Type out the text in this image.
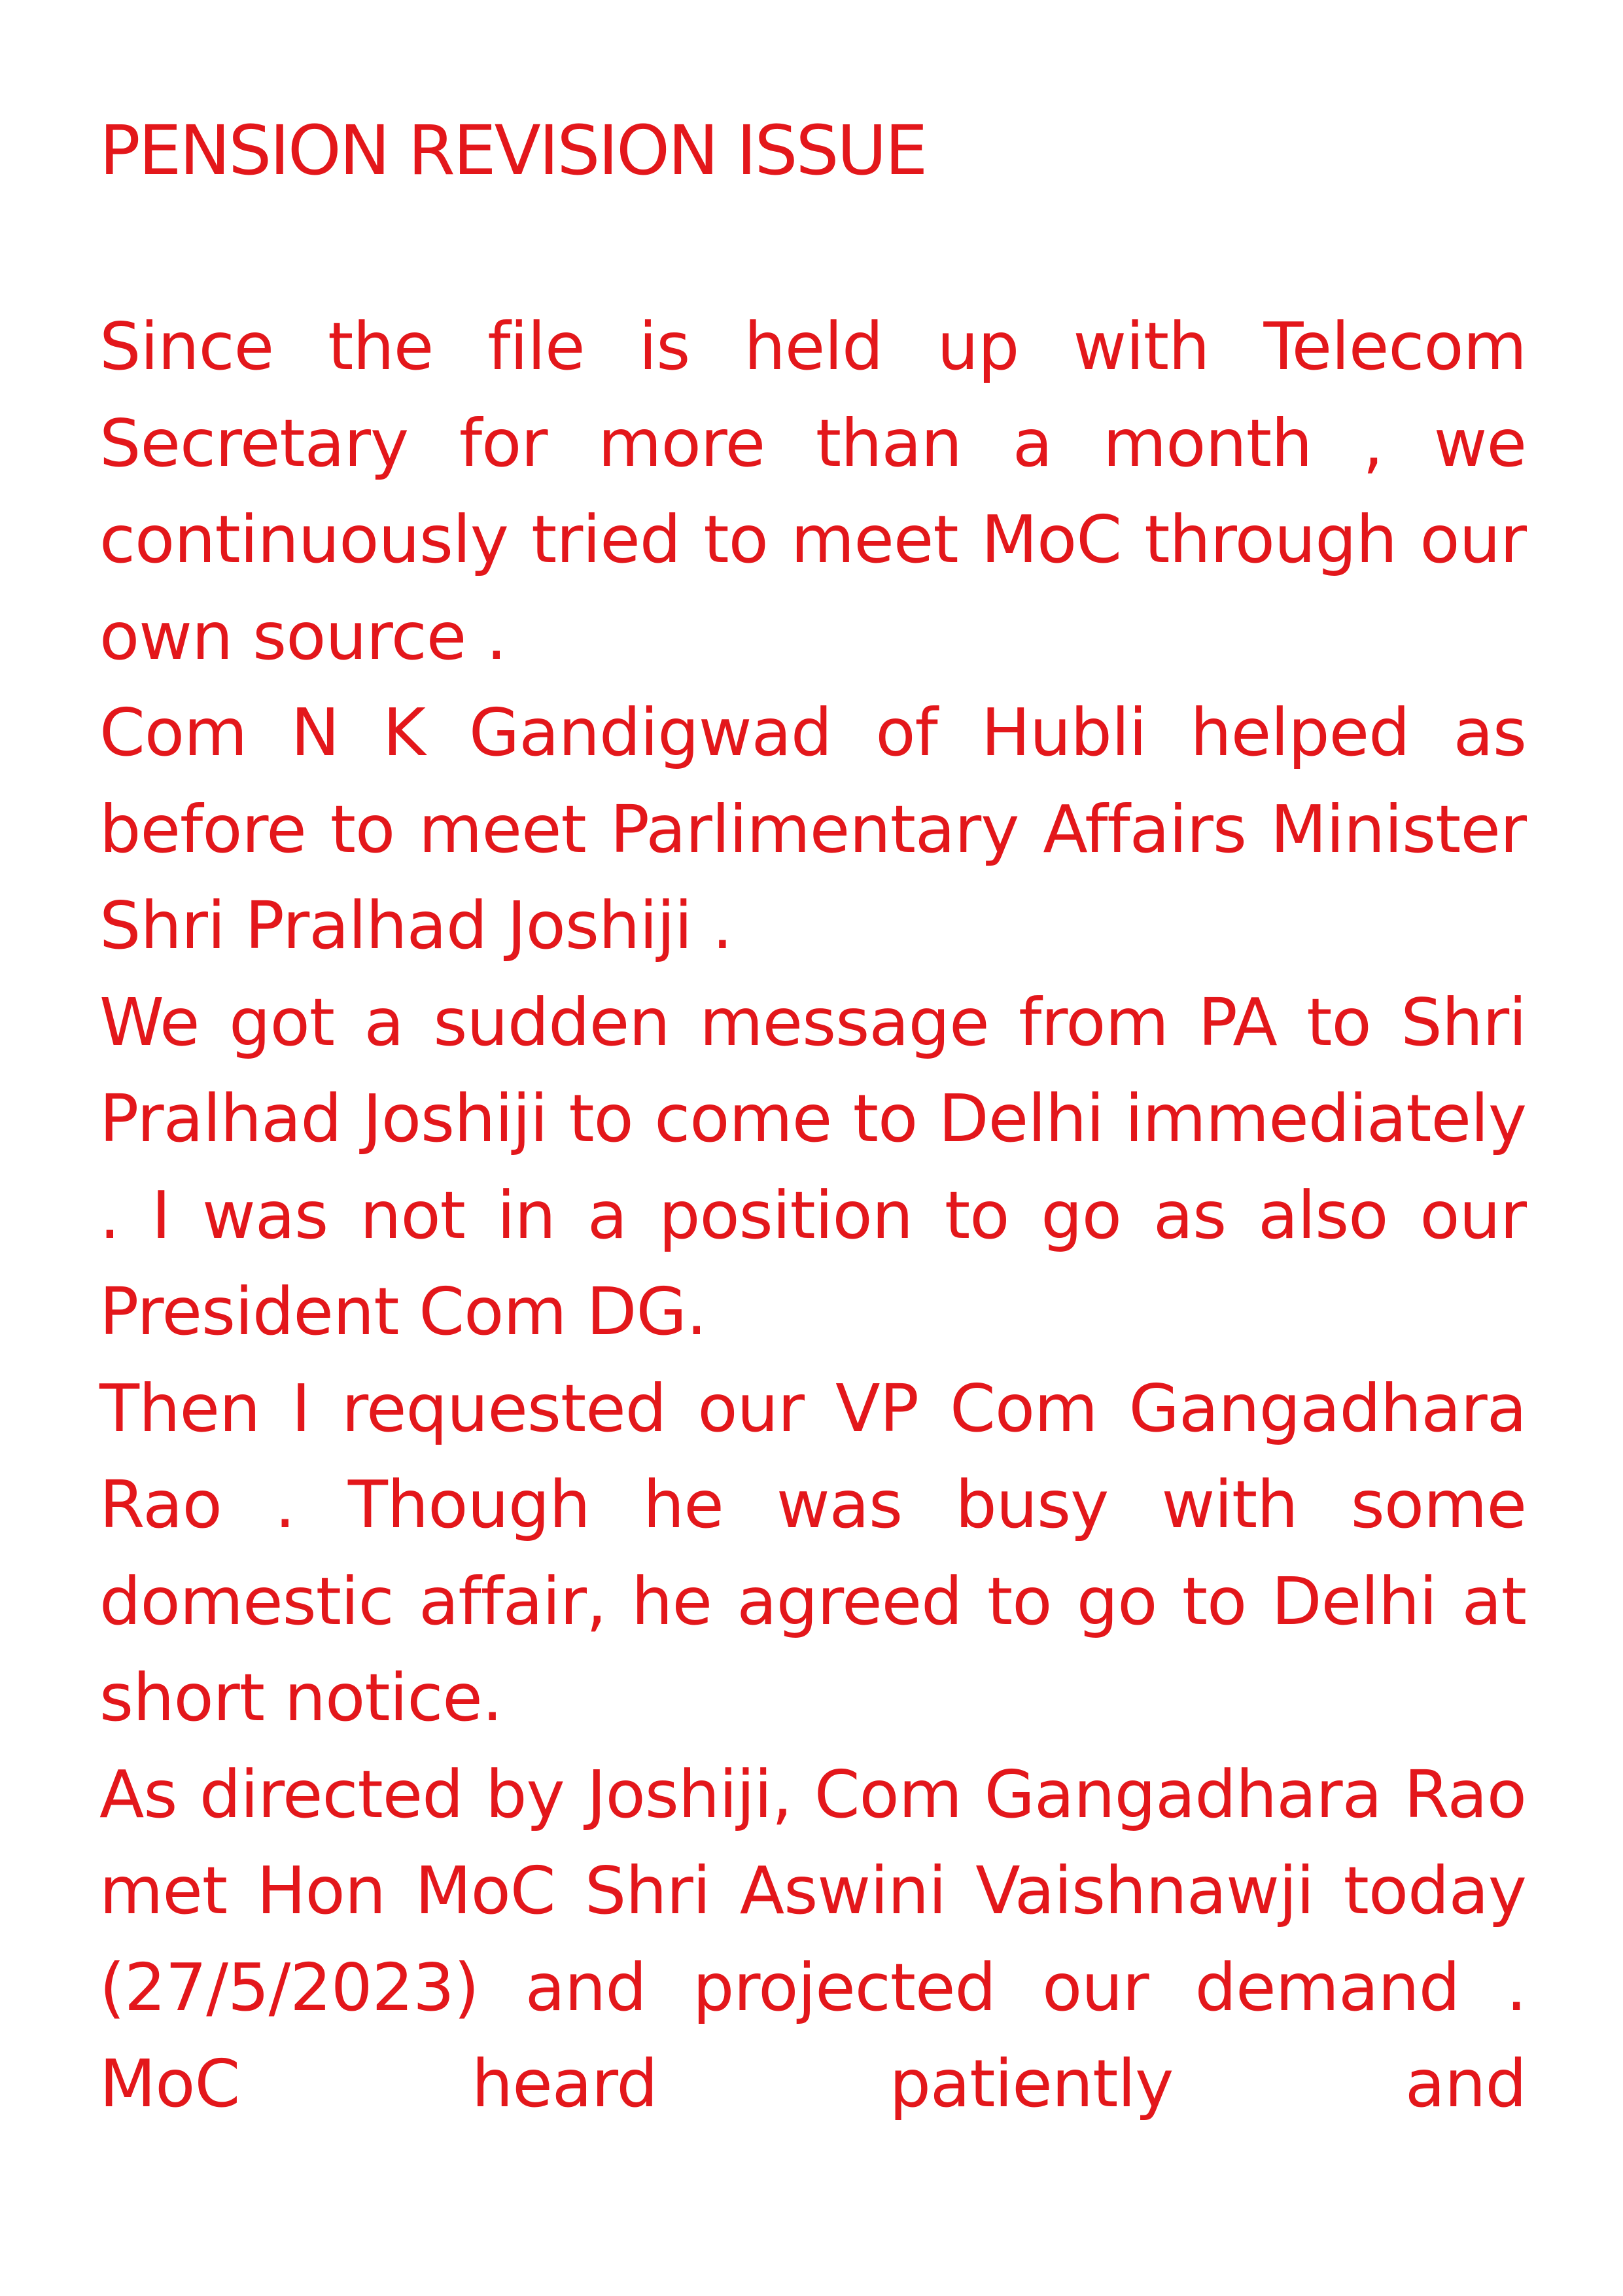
PENSION REVISION ISSUE

Since the file is held up with Telecom Secretary for more than a month , we continuously tried to meet MoC through our own source .

Com N K Gandigwad of Hubli helped as before to meet Parlimentary Affairs Minister Shri Pralhad Joshiji .

We got a sudden message from PA to Shri Pralhad Joshiji to come to Delhi immediately . I was not in a position to go as also our President Com DG.

Then I requested our VP Com Gangadhara Rao . Though he was busy with some domestic affair, he agreed to go to Delhi at short notice.

As directed by Joshiji, Com Gangadhara Rao met Hon MoC Shri Aswini Vaishnawji today (27/5/2023) and projected our demand . MoC heard patiently and
